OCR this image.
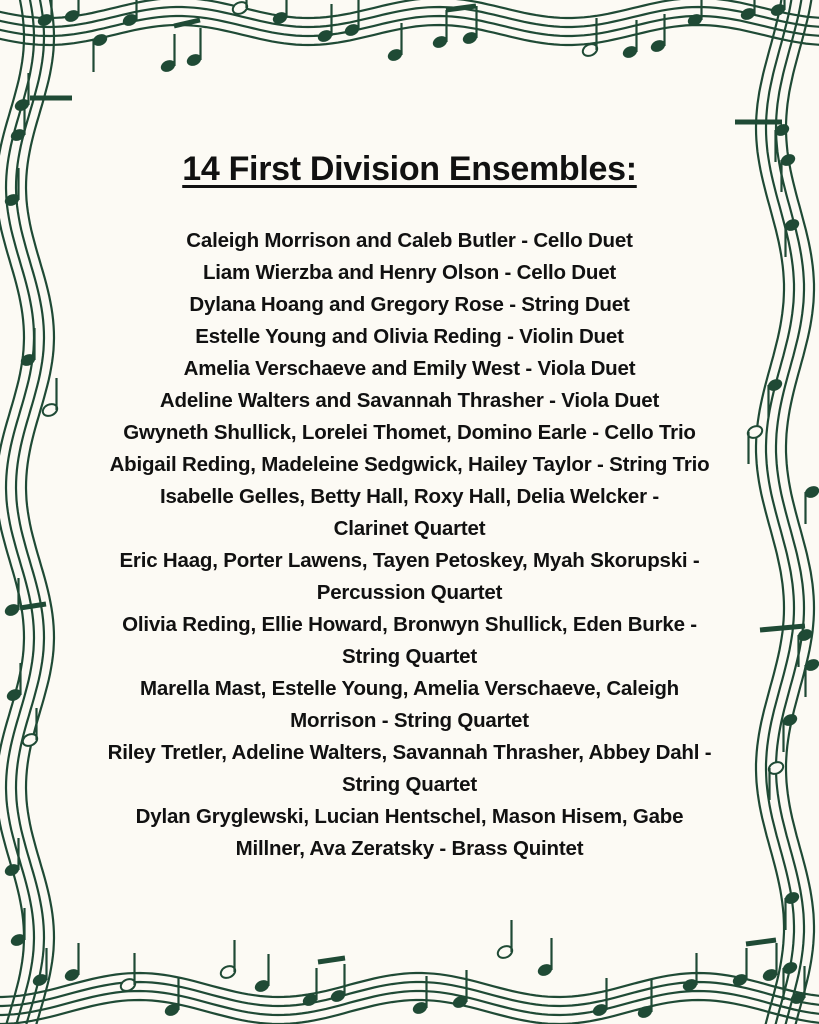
14 First Division Ensembles:
Caleigh Morrison and Caleb Butler - Cello Duet
Liam Wierzba and Henry Olson - Cello Duet
Dylana Hoang and Gregory Rose - String Duet
Estelle Young and Olivia Reding - Violin Duet
Amelia Verschaeve and Emily West - Viola Duet
Adeline Walters and Savannah Thrasher - Viola Duet
Gwyneth Shullick, Lorelei Thomet, Domino Earle - Cello Trio
Abigail Reding, Madeleine Sedgwick, Hailey Taylor - String Trio
Isabelle Gelles, Betty Hall, Roxy Hall, Delia Welcker -
Clarinet Quartet
Eric Haag, Porter Lawens, Tayen Petoskey, Myah Skorupski -
Percussion Quartet
Olivia Reding, Ellie Howard, Bronwyn Shullick, Eden Burke -
String Quartet
Marella Mast, Estelle Young, Amelia Verschaeve, Caleigh
Morrison - String Quartet
Riley Tretler, Adeline Walters, Savannah Thrasher, Abbey Dahl -
String Quartet
Dylan Gryglewski, Lucian Hentschel, Mason Hisem, Gabe
Millner, Ava Zeratsky - Brass Quintet
